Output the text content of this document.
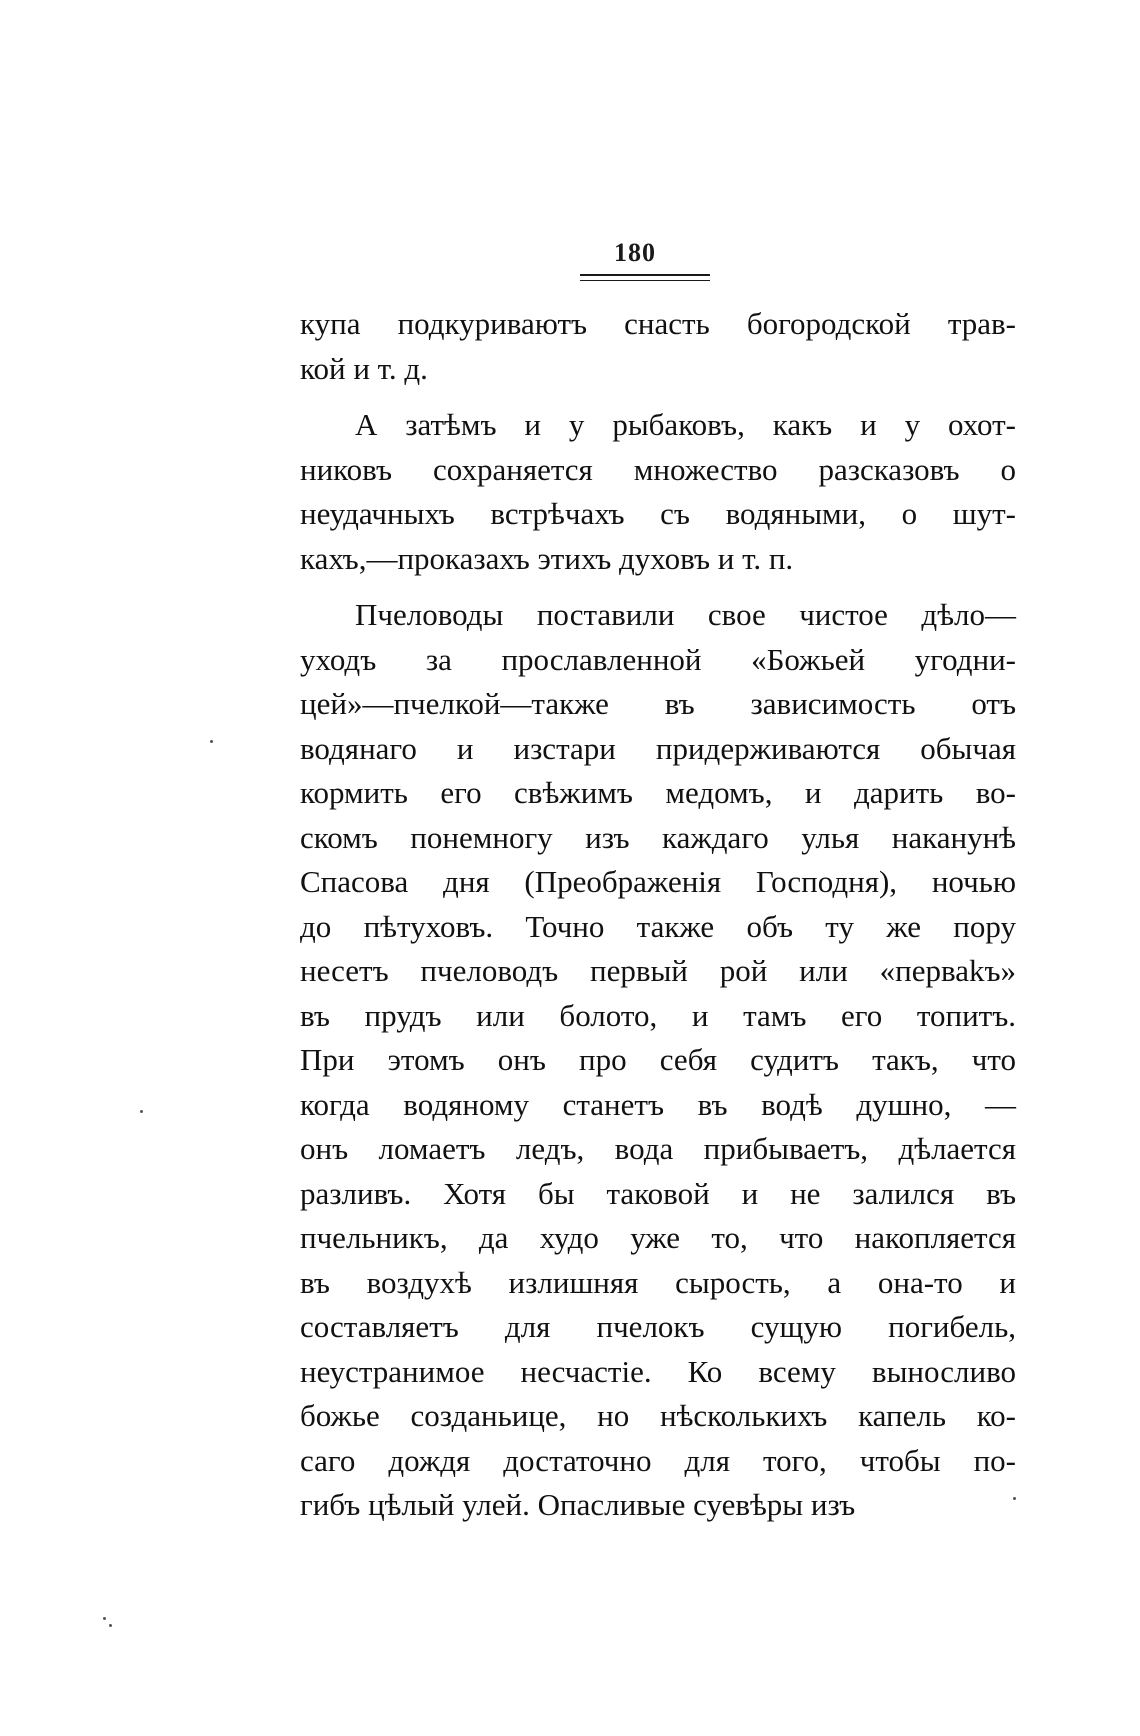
180
купа подкуриваютъ снасть богородской трав-
кой и т. д.
А затѣмъ и у рыбаковъ, какъ и у охот-
никовъ сохраняется множество разсказовъ о
неудачныхъ встрѣчахъ съ водяными, о шут-
кахъ,—проказахъ этихъ духовъ и т. п.
Пчеловоды поставили свое чистое дѣло—
уходъ за прославленной «Божьей угодни-
цей»—пчелкой—также въ зависимость отъ
водянаго и изстари придерживаются обычая
кормить его свѣжимъ медомъ, и дарить во-
скомъ понемногу изъ каждаго улья наканунѣ
Спасова дня (Преображенія Господня), ночью
до пѣтуховъ. Точно также объ ту же пору
несетъ пчеловодъ первый рой или «перваkъ»
въ прудъ или болото, и тамъ его топитъ.
При этомъ онъ про себя судитъ такъ, что
когда водяному станетъ въ водѣ душно, —
онъ ломаетъ ледъ, вода прибываетъ, дѣлается
разливъ. Хотя бы таковой и не залился въ
пчельникъ, да худо уже то, что накопляется
въ воздухѣ излишняя сырость, а она-то и
составляетъ для пчелокъ сущую погибель,
неустранимое несчастіе. Ко всему выносливо
божье созданьице, но нѣсколькихъ капель ко-
саго дождя достаточно для того, чтобы по-
гибъ цѣлый улей. Опасливые суевѣры изъ
